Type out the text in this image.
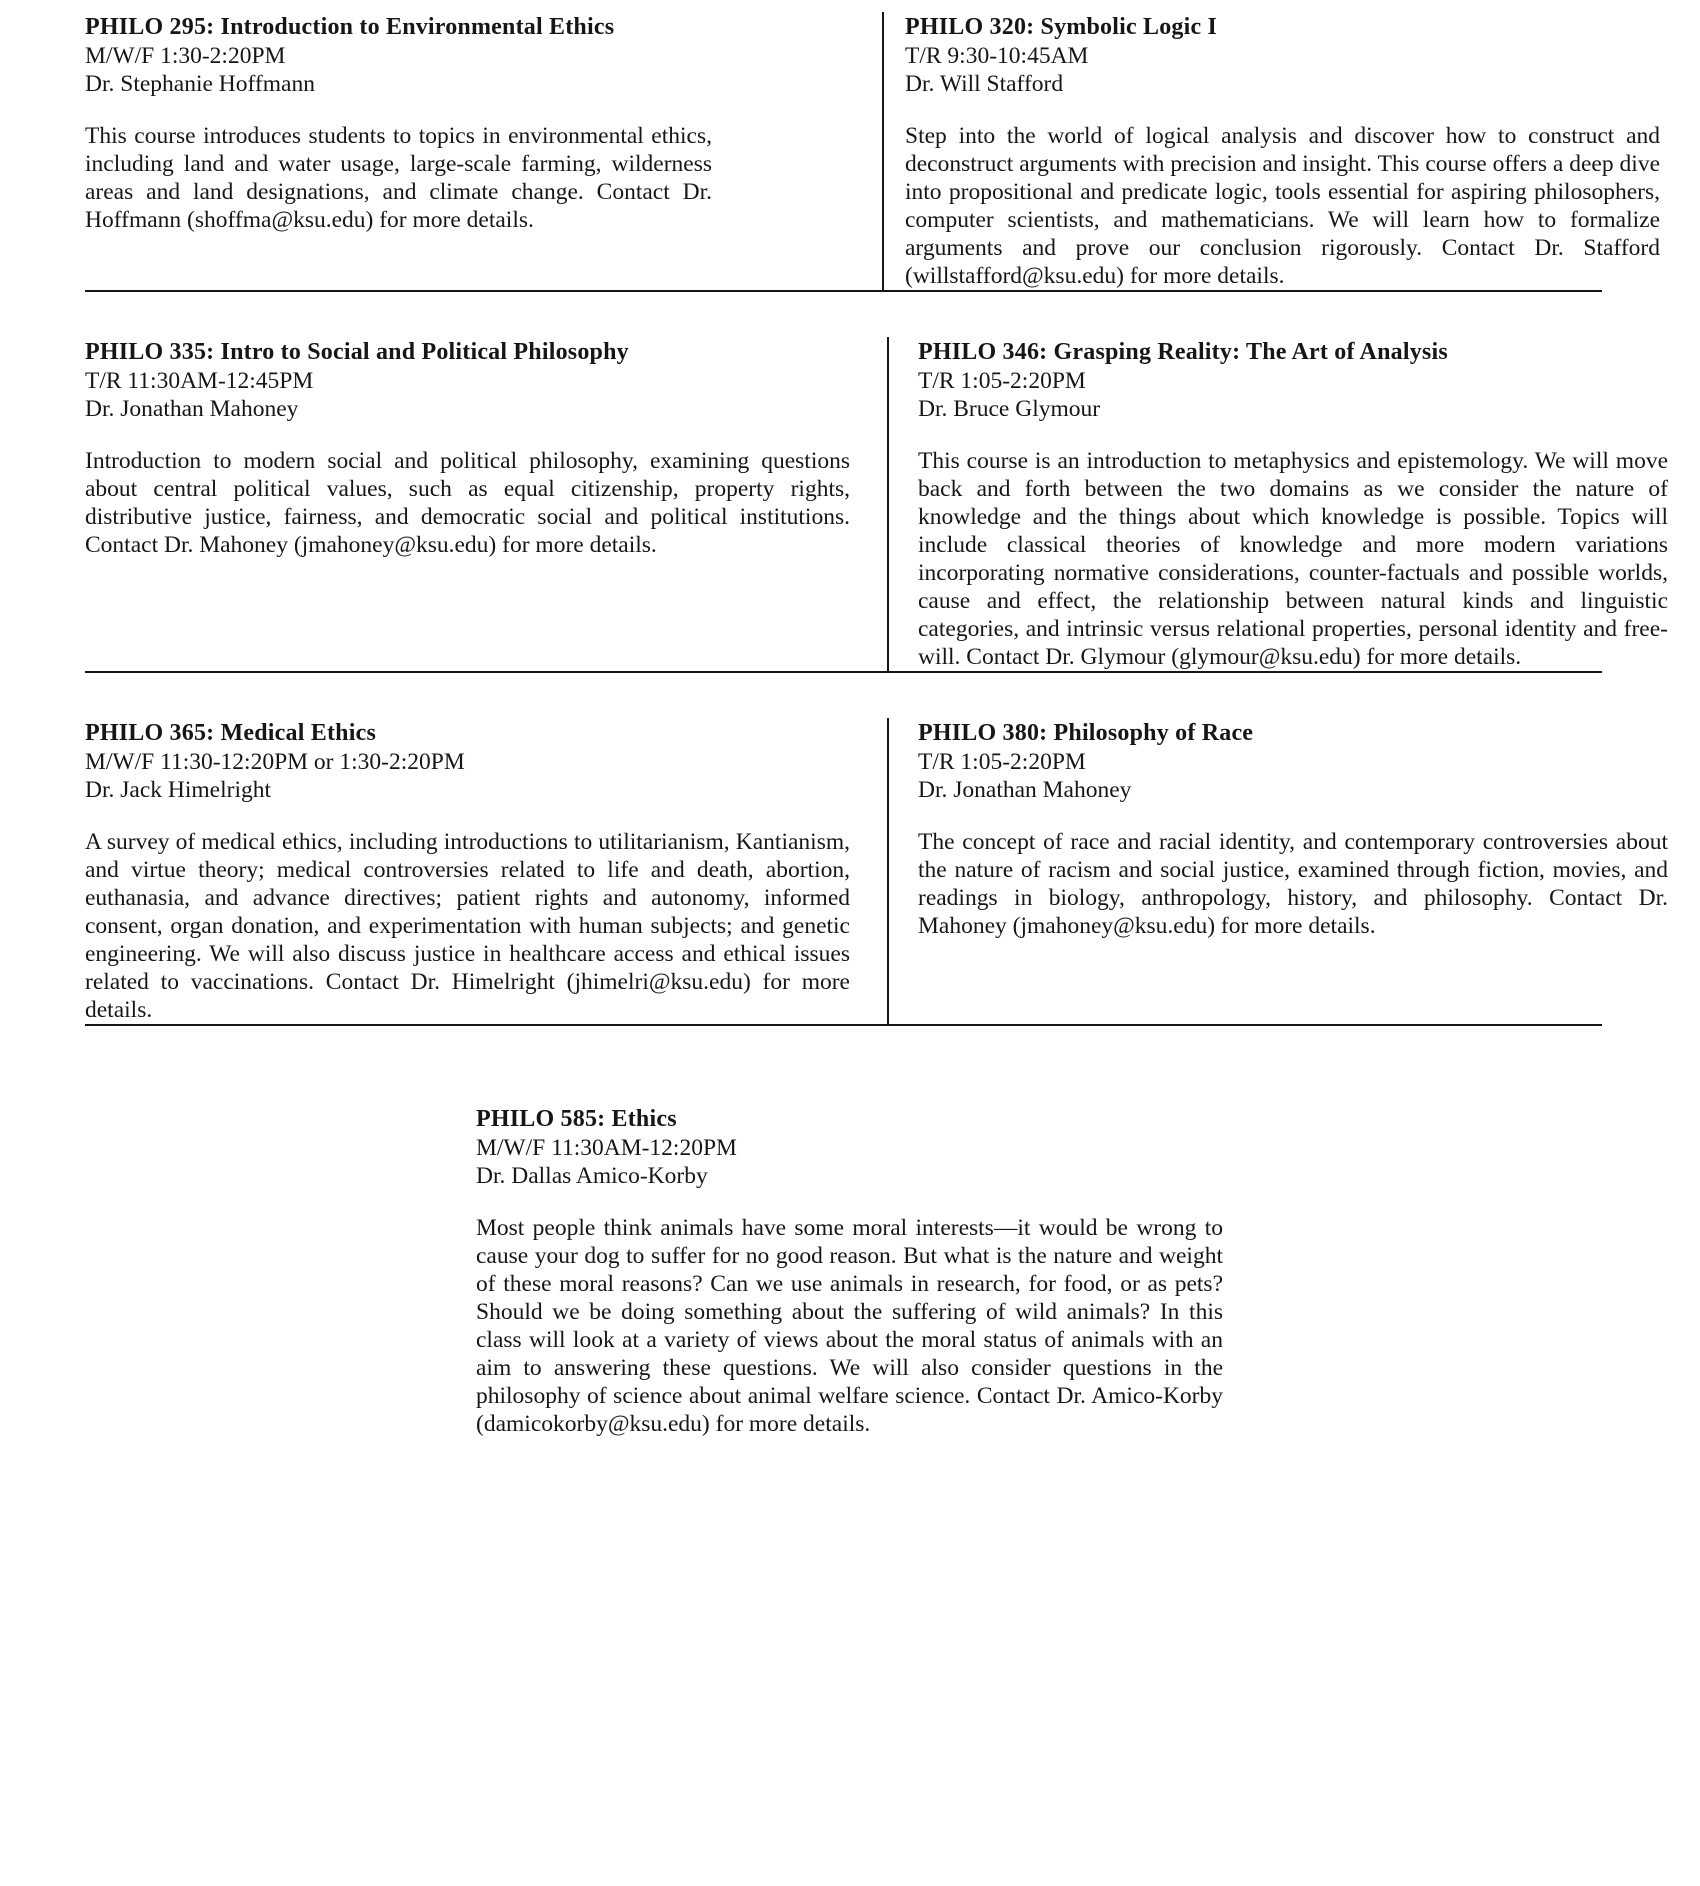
PHILO 295: Introduction to Environmental Ethics
M/W/F 1:30-2:20PM
Dr. Stephanie Hoffmann

This course introduces students to topics in environmental ethics, including land and water usage, large-scale farming, wilderness areas and land designations, and climate change. Contact Dr. Hoffmann (shoffma@ksu.edu) for more details.

PHILO 320: Symbolic Logic I
T/R 9:30-10:45AM
Dr. Will Stafford

Step into the world of logical analysis and discover how to construct and deconstruct arguments with precision and insight. This course offers a deep dive into propositional and predicate logic, tools essential for aspiring philosophers, computer scientists, and mathematicians. We will learn how to formalize arguments and prove our conclusion rigorously. Contact Dr. Stafford (willstafford@ksu.edu) for more details.

PHILO 335: Intro to Social and Political Philosophy
T/R 11:30AM-12:45PM
Dr. Jonathan Mahoney

Introduction to modern social and political philosophy, examining questions about central political values, such as equal citizenship, property rights, distributive justice, fairness, and democratic social and political institutions. Contact Dr. Mahoney (jmahoney@ksu.edu) for more details.

PHILO 346: Grasping Reality: The Art of Analysis
T/R 1:05-2:20PM
Dr. Bruce Glymour

This course is an introduction to metaphysics and epistemology. We will move back and forth between the two domains as we consider the nature of knowledge and the things about which knowledge is possible. Topics will include classical theories of knowledge and more modern variations incorporating normative considerations, counter-factuals and possible worlds, cause and effect, the relationship between natural kinds and linguistic categories, and intrinsic versus relational properties, personal identity and free-will. Contact Dr. Glymour (glymour@ksu.edu) for more details.

PHILO 365: Medical Ethics
M/W/F 11:30-12:20PM or 1:30-2:20PM
Dr. Jack Himelright

A survey of medical ethics, including introductions to utilitarianism, Kantianism, and virtue theory; medical controversies related to life and death, abortion, euthanasia, and advance directives; patient rights and autonomy, informed consent, organ donation, and experimentation with human subjects; and genetic engineering. We will also discuss justice in healthcare access and ethical issues related to vaccinations. Contact Dr. Himelright (jhimelri@ksu.edu) for more details.

PHILO 380: Philosophy of Race
T/R 1:05-2:20PM
Dr. Jonathan Mahoney

The concept of race and racial identity, and contemporary controversies about the nature of racism and social justice, examined through fiction, movies, and readings in biology, anthropology, history, and philosophy. Contact Dr. Mahoney (jmahoney@ksu.edu) for more details.

PHILO 585: Ethics
M/W/F 11:30AM-12:20PM
Dr. Dallas Amico-Korby

Most people think animals have some moral interests—it would be wrong to cause your dog to suffer for no good reason. But what is the nature and weight of these moral reasons? Can we use animals in research, for food, or as pets? Should we be doing something about the suffering of wild animals? In this class will look at a variety of views about the moral status of animals with an aim to answering these questions. We will also consider questions in the philosophy of science about animal welfare science. Contact Dr. Amico-Korby (damicokorby@ksu.edu) for more details.
